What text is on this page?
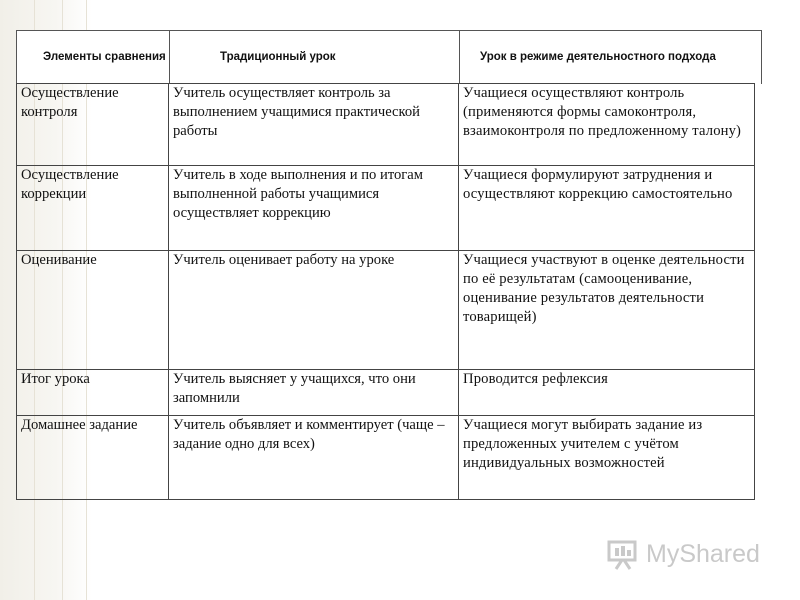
Элементы сравнения	Традиционный урок	Урок в режиме деятельностного подхода
Осуществление контроля	Учитель осуществляет контроль за выполнением учащимися практической работы	Учащиеся осуществляют контроль (применяются формы самоконтроля, взаимоконтроля по предложенному талону)

Осуществление коррекции	Учитель в ходе выполнения и по итогам выполненной работы учащимися осуществляет коррекцию	Учащиеся формулируют затруднения и осуществляют коррекцию самостоятельно

Оценивание	Учитель оценивает работу на уроке	Учащиеся участвуют в оценке деятельности по её результатам (самооценивание, оценивание результатов деятельности товарищей)

Итог урока	Учитель выясняет у учащихся, что они запомнили	Проводится рефлексия

Домашнее задание	Учитель объявляет и комментирует (чаще – задание одно для всех)	Учащиеся могут выбирать задание из предложенных учителем с учётом индивидуальных возможностей
MyShared
